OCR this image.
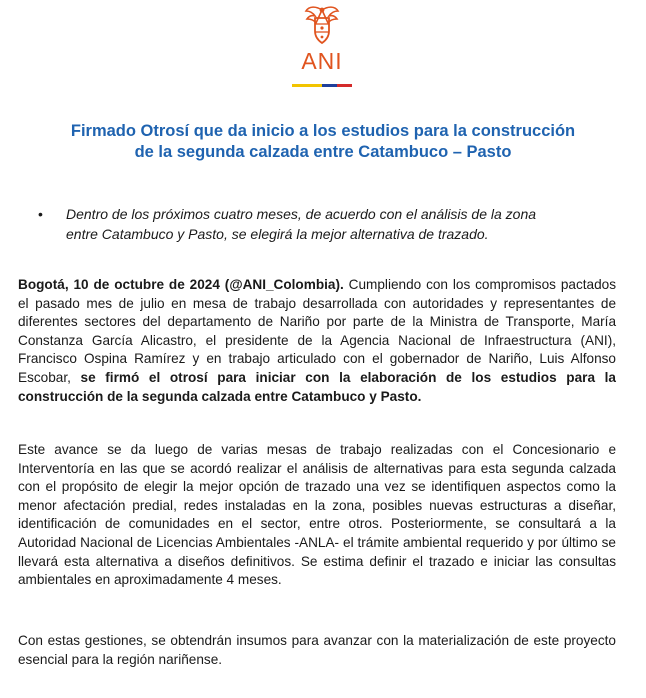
ANI
Firmado Otrosí que da inicio a los estudios para la construcción
de la segunda calzada entre Catambuco – Pasto
•	Dentro de los próximos cuatro meses, de acuerdo con el análisis de la zona
entre Catambuco y Pasto, se elegirá la mejor alternativa de trazado.
Bogotá, 10 de octubre de 2024 (@ANI_Colombia). Cumpliendo con los compromisos pactados el pasado mes de julio en mesa de trabajo desarrollada con autoridades y representantes de diferentes sectores del departamento de Nariño por parte de la Ministra de Transporte, María Constanza García Alicastro, el presidente de la Agencia Nacional de Infraestructura (ANI), Francisco Ospina Ramírez y en trabajo articulado con el gobernador de Nariño, Luis Alfonso Escobar, se firmó el otrosí para iniciar con la elaboración de los estudios para la construcción de la segunda calzada entre Catambuco y Pasto.
Este avance se da luego de varias mesas de trabajo realizadas con el Concesionario e Interventoría en las que se acordó realizar el análisis de alternativas para esta segunda calzada con el propósito de elegir la mejor opción de trazado una vez se identifiquen aspectos como la menor afectación predial, redes instaladas en la zona, posibles nuevas estructuras a diseñar, identificación de comunidades en el sector, entre otros. Posteriormente, se consultará a la Autoridad Nacional de Licencias Ambientales -ANLA- el trámite ambiental requerido y por último se llevará esta alternativa a diseños definitivos. Se estima definir el trazado e iniciar las consultas ambientales en aproximadamente 4 meses.
Con estas gestiones, se obtendrán insumos para avanzar con la materialización de este proyecto esencial para la región nariñense.
